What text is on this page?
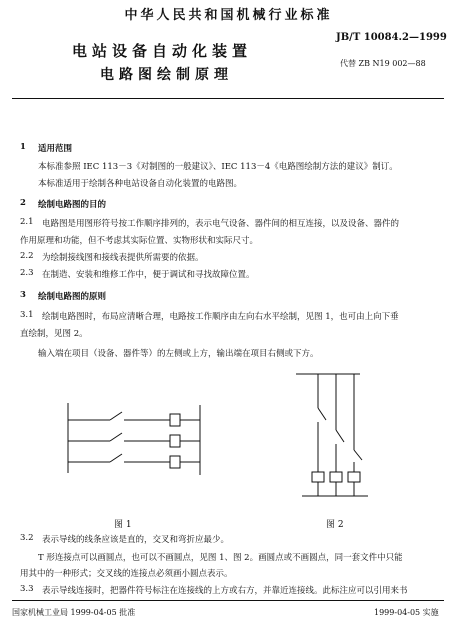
中华人民共和国机械行业标准
电站设备自动化装置
电路图绘制原理
JB/T 10084.2—1999
代替 ZB N19 002—88
1 适用范围
本标准参照 IEC 113－3《对制图的一般建议》、IEC 113－4《电路图绘制方法的建议》制订。
本标准适用于绘制各种电站设备自动化装置的电路图。
2 绘制电路图的目的
2.1 电路图是用图形符号按工作顺序排列的，表示电气设备、器件间的相互连接，以及设备、器件的
作用原理和功能，但不考虑其实际位置、实物形状和实际尺寸。
2.2 为绘制接线图和接线表提供所需要的依据。
2.3 在制造、安装和维修工作中，便于调试和寻找故障位置。
3 绘制电路图的原则
3.1 绘制电路图时，布局应清晰合理，电路按工作顺序由左向右水平绘制，见图 1，也可由上向下垂
直绘制，见图 2。
输入端在项目（设备、器件等）的左侧或上方，输出端在项目右侧或下方。
图 1	图 2
3.2 表示导线的线条应该是直的，交叉和弯折应最少。
T 形连接点可以画圆点，也可以不画圆点，见图 1、图 2。画圆点或不画圆点，同一套文件中只能
用其中的一种形式；交叉线的连接点必须画小圆点表示。
3.3 表示导线连接时，把器件符号标注在连接线的上方或右方，并靠近连接线。此标注应可以引用来书
国家机械工业局 1999-04-05 批准	1999-04-05 实施
